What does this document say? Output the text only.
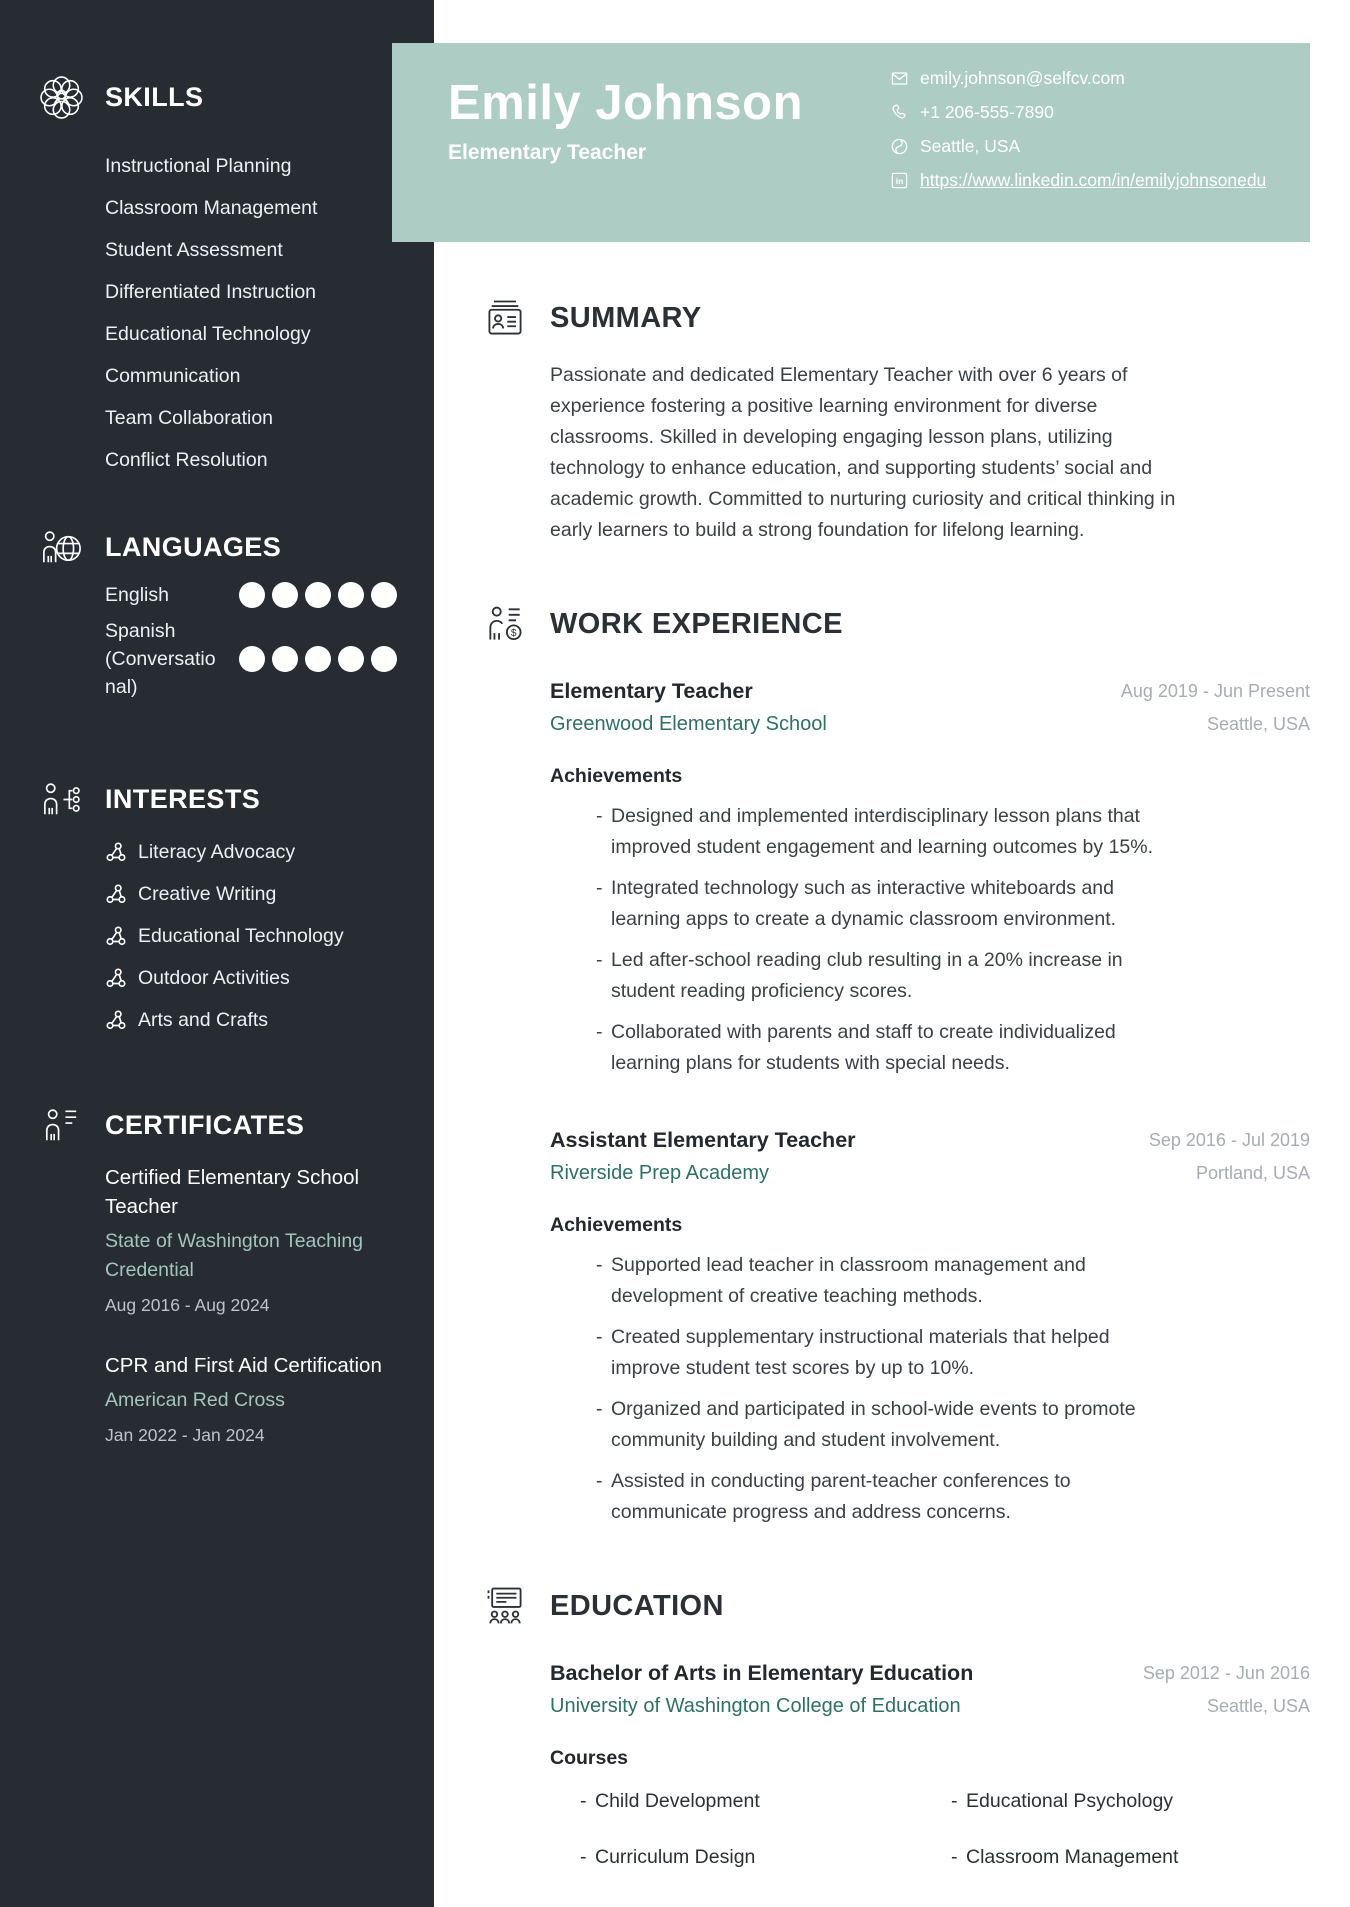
SKILLS
Instructional Planning
Classroom Management
Student Assessment
Differentiated Instruction
Educational Technology
Communication
Team Collaboration
Conflict Resolution
LANGUAGES
English
Spanish (Conversational)
INTERESTS
Literacy Advocacy
Creative Writing
Educational Technology
Outdoor Activities
Arts and Crafts
CERTIFICATES
Certified Elementary School Teacher
State of Washington Teaching Credential
Aug 2016 - Aug 2024
CPR and First Aid Certification
American Red Cross
Jan 2022 - Jan 2024
Emily Johnson
Elementary Teacher
emily.johnson@selfcv.com
+1 206-555-7890
Seattle, USA
in https://www.linkedin.com/in/emilyjohnsonedu
SUMMARY

Passionate and dedicated Elementary Teacher with over 6 years of experience fostering a positive learning environment for diverse classrooms. Skilled in developing engaging lesson plans, utilizing technology to enhance education, and supporting students’ social and academic growth. Committed to nurturing curiosity and critical thinking in early learners to build a strong foundation for lifelong learning.

$ WORK EXPERIENCE
Elementary Teacher
Greenwood Elementary School
Aug 2019 - Jun Present
Seattle, USA
Achievements
- Designed and implemented interdisciplinary lesson plans that improved student engagement and learning outcomes by 15%.
- Integrated technology such as interactive whiteboards and learning apps to create a dynamic classroom environment.
- Led after-school reading club resulting in a 20% increase in student reading proficiency scores.
- Collaborated with parents and staff to create individualized learning plans for students with special needs.
Assistant Elementary Teacher
Riverside Prep Academy
Sep 2016 - Jul 2019
Portland, USA
Achievements
- Supported lead teacher in classroom management and development of creative teaching methods.
- Created supplementary instructional materials that helped improve student test scores by up to 10%.
- Organized and participated in school-wide events to promote community building and student involvement.
- Assisted in conducting parent-teacher conferences to communicate progress and address concerns.
EDUCATION
Bachelor of Arts in Elementary Education
University of Washington College of Education
Sep 2012 - Jun 2016
Seattle, USA
Courses
- Child Development	- Educational Psychology
- Curriculum Design	- Classroom Management
